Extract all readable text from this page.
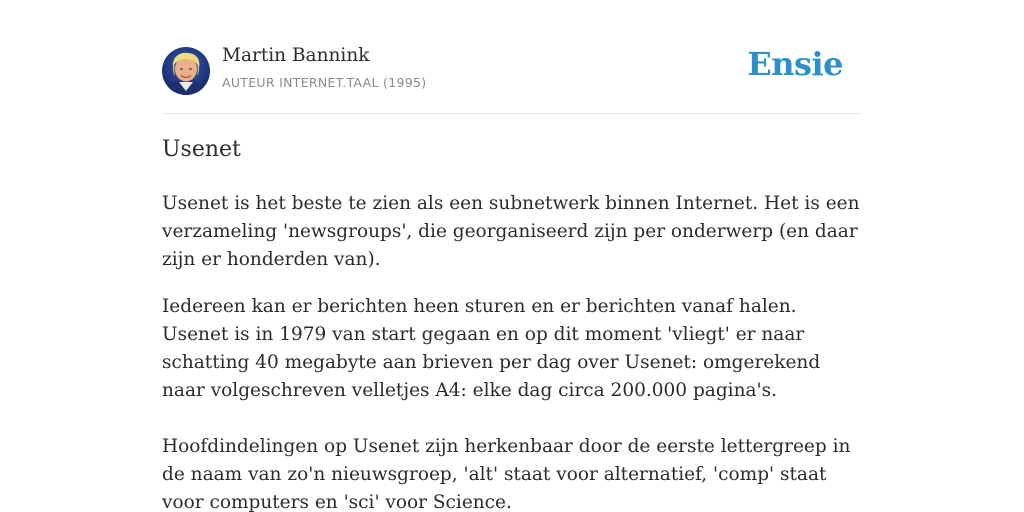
Martin Bannink
AUTEUR INTERNET.TAAL (1995)	Ensie
Usenet

Usenet is het beste te zien als een subnetwerk binnen Internet. Het is een verzameling 'newsgroups', die georganiseerd zijn per onderwerp (en daar zijn er honderden van).

Iedereen kan er berichten heen sturen en er berichten vanaf halen. Usenet is in 1979 van start gegaan en op dit moment 'vliegt' er naar schatting 40 megabyte aan brieven per dag over Usenet: omgerekend naar volgeschreven velletjes A4: elke dag circa 200.000 pagina's.

Hoofdindelingen op Usenet zijn herkenbaar door de eerste lettergreep in de naam van zo'n nieuwsgroep, 'alt' staat voor alternatief, 'comp' staat voor computers en 'sci' voor Science.
